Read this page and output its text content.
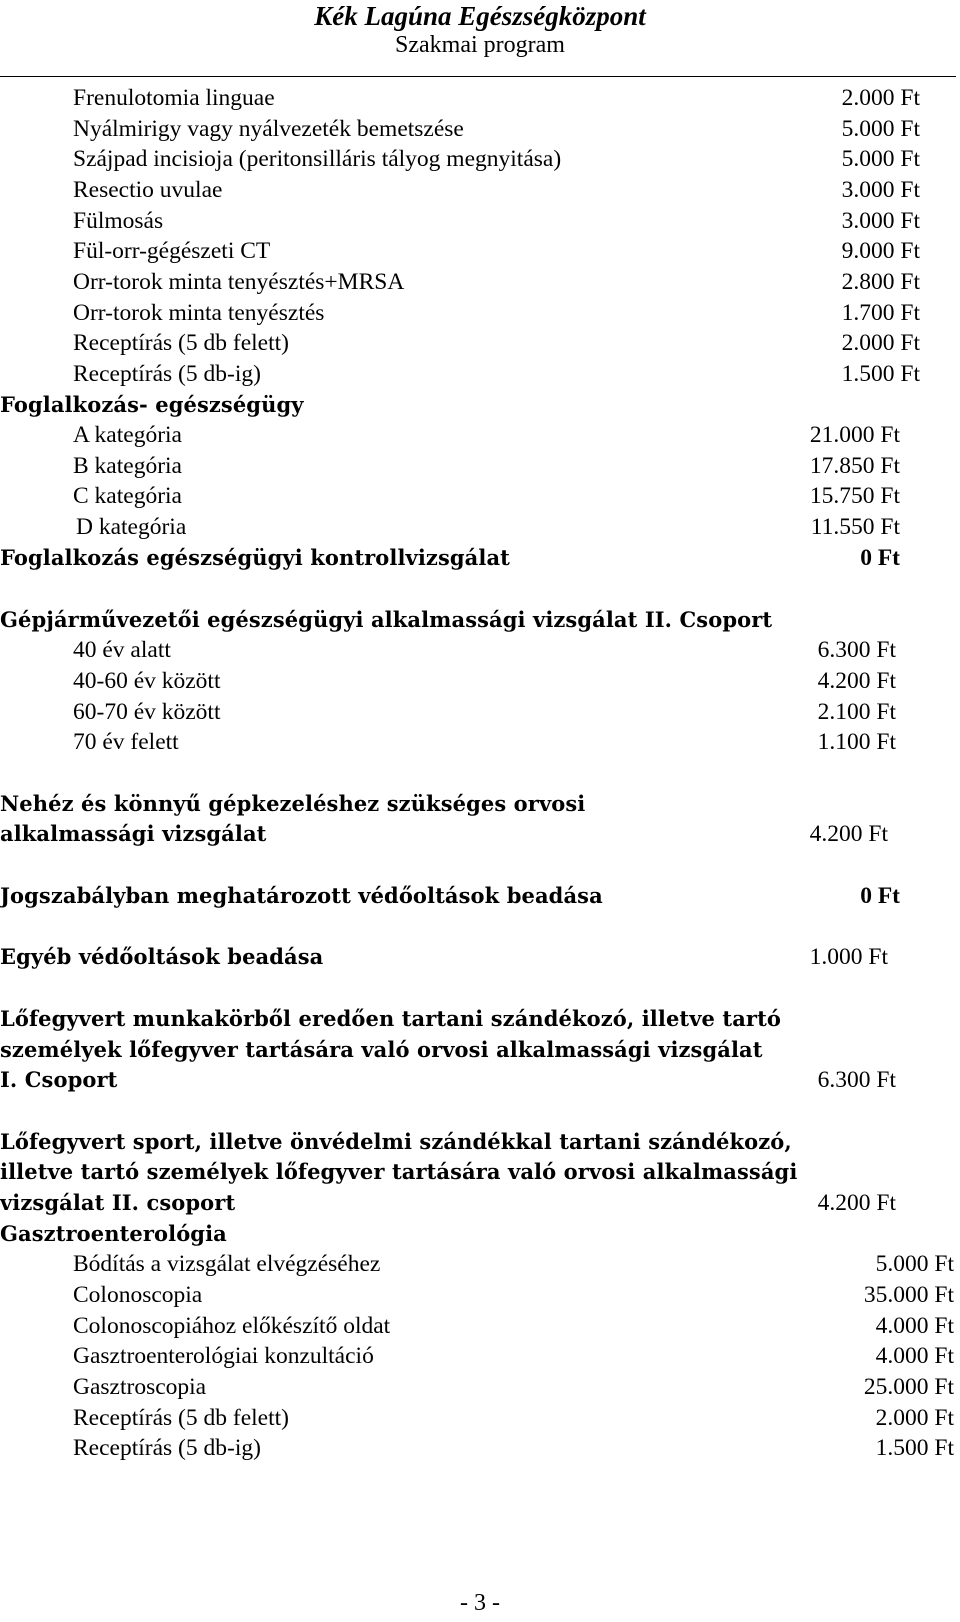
Kék Lagúna Egészségközpont
Szakmai program
Frenulotomia linguae	2.000 Ft
Nyálmirigy vagy nyálvezeték bemetszése	5.000 Ft
Szájpad incisioja (peritonsilláris tályog megnyitása)	5.000 Ft
Resectio uvulae	3.000 Ft
Fülmosás	3.000 Ft
Fül-orr-gégészeti CT	9.000 Ft
Orr-torok minta tenyésztés+MRSA	2.800 Ft
Orr-torok minta tenyésztés	1.700 Ft
Receptírás (5 db felett)	2.000 Ft
Receptírás (5 db-ig)	1.500 Ft
Foglalkozás- egészségügy
A kategória	21.000 Ft
B kategória	17.850 Ft
C kategória	15.750 Ft
D kategória	11.550 Ft
Foglalkozás egészségügyi kontrollvizsgálat	0 Ft
Gépjárművezetői egészségügyi alkalmassági vizsgálat II. Csoport
40 év alatt	6.300 Ft
40-60 év között	4.200 Ft
60-70 év között	2.100 Ft
70 év felett	1.100 Ft
Nehéz és könnyű gépkezeléshez szükséges orvosi
alkalmassági vizsgálat	4.200 Ft
Jogszabályban meghatározott védőoltások beadása	0 Ft
Egyéb védőoltások beadása	1.000 Ft
Lőfegyvert munkakörből eredően tartani szándékozó, illetve tartó
személyek lőfegyver tartására való orvosi alkalmassági vizsgálat
I. Csoport	6.300 Ft
Lőfegyvert sport, illetve önvédelmi szándékkal tartani szándékozó,
illetve tartó személyek lőfegyver tartására való orvosi alkalmassági
vizsgálat II. csoport	4.200 Ft
Gasztroenterológia
Bódítás a vizsgálat elvégzéséhez	5.000 Ft
Colonoscopia	35.000 Ft
Colonoscopiához előkészítő oldat	4.000 Ft
Gasztroenterológiai konzultáció	4.000 Ft
Gasztroscopia	25.000 Ft
Receptírás (5 db felett)	2.000 Ft
Receptírás (5 db-ig)	1.500 Ft
- 3 -
